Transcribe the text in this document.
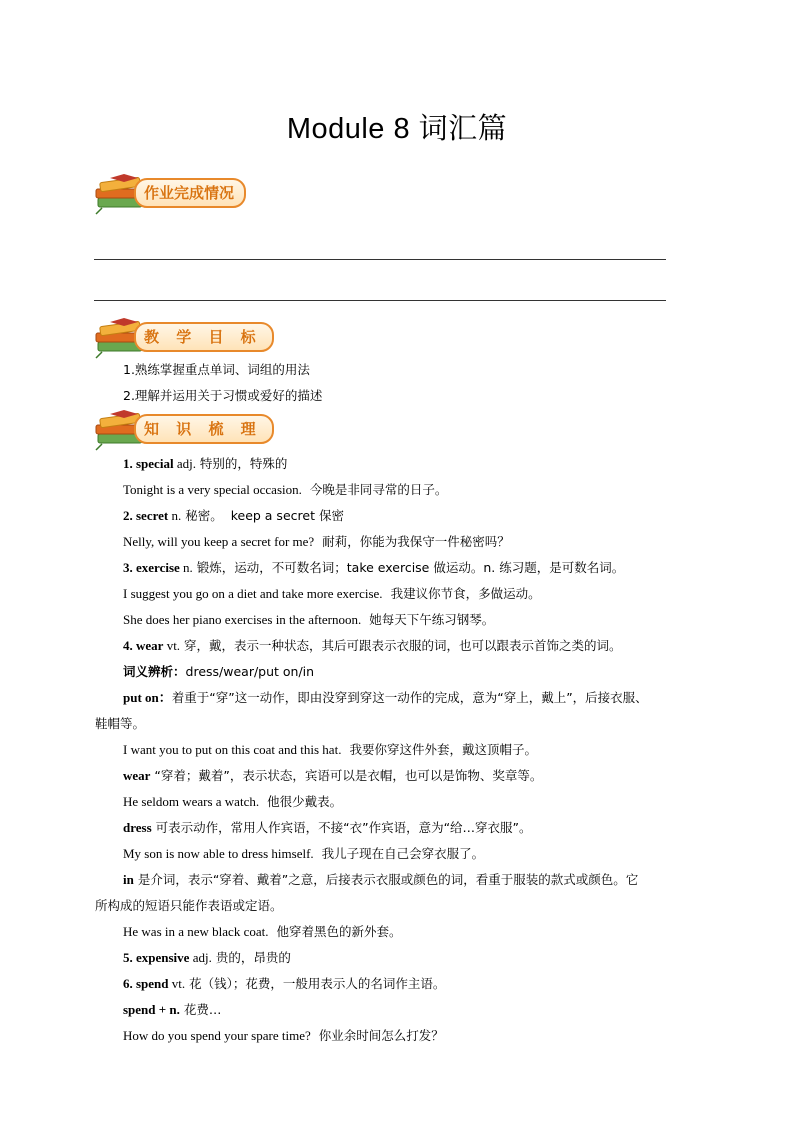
Module 8 词汇篇
作业完成情况
教 学 目 标
1.熟练掌握重点单词、词组的用法
2.理解并运用关于习惯或爱好的描述
知 识 梳 理
1. special adj. 特别的，特殊的
Tonight is a very special occasion. 今晚是非同寻常的日子。
2. secret n. 秘密。 keep a secret 保密
Nelly, will you keep a secret for me? 耐莉，你能为我保守一件秘密吗？
3. exercise n. 锻炼，运动，不可数名词；take exercise 做运动。n. 练习题，是可数名词。
I suggest you go on a diet and take more exercise. 我建议你节食，多做运动。
She does her piano exercises in the afternoon. 她每天下午练习钢琴。
4. wear vt. 穿，戴，表示一种状态，其后可跟表示衣服的词，也可以跟表示首饰之类的词。
词义辨析：dress/wear/put on/in
put on：着重于“穿”这一动作，即由没穿到穿这一动作的完成，意为“穿上，戴上”，后接衣服、
鞋帽等。
I want you to put on this coat and this hat. 我要你穿这件外套，戴这顶帽子。
wear “穿着；戴着”，表示状态，宾语可以是衣帽，也可以是饰物、奖章等。
He seldom wears a watch. 他很少戴表。
dress 可表示动作，常用人作宾语，不接“衣”作宾语，意为“给…穿衣服”。
My son is now able to dress himself. 我儿子现在自己会穿衣服了。
in 是介词，表示“穿着、戴着”之意，后接表示衣服或颜色的词，看重于服装的款式或颜色。它
所构成的短语只能作表语或定语。
He was in a new black coat. 他穿着黑色的新外套。
5. expensive adj. 贵的，昂贵的
6. spend vt. 花（钱）；花费，一般用表示人的名词作主语。
spend + n. 花费…
How do you spend your spare time? 你业余时间怎么打发？
